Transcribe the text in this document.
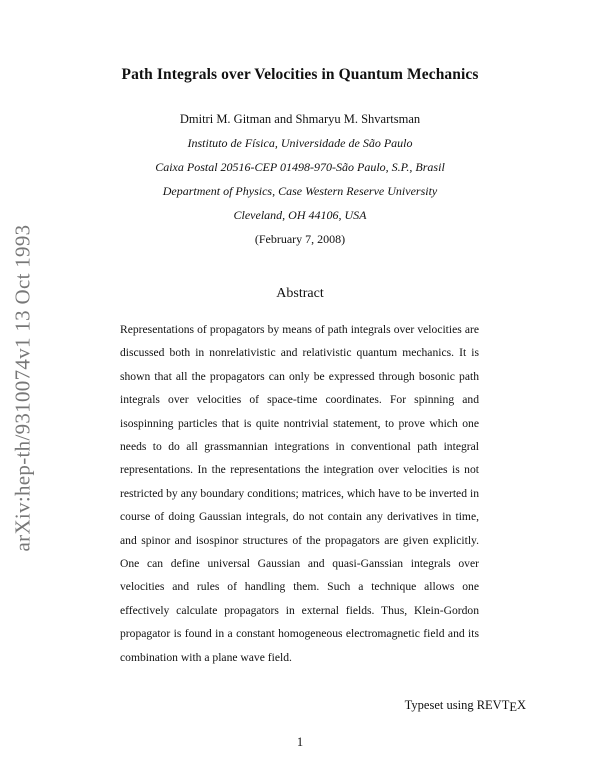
arXiv:hep-th/9310074v1 13 Oct 1993
Path Integrals over Velocities in Quantum Mechanics
Dmitri M. Gitman and Shmaryu M. Shvartsman
Instituto de Física, Universidade de São Paulo
Caixa Postal 20516-CEP 01498-970-São Paulo, S.P., Brasil
Department of Physics, Case Western Reserve University
Cleveland, OH 44106, USA
(February 7, 2008)
Abstract
Representations of propagators by means of path integrals over velocities are discussed both in nonrelativistic and relativistic quantum mechanics. It is shown that all the propagators can only be expressed through bosonic path integrals over velocities of space-time coordinates. For spinning and isospinning particles that is quite nontrivial statement, to prove which one needs to do all grassmannian integrations in conventional path integral representations. In the representations the integration over velocities is not restricted by any boundary conditions; matrices, which have to be inverted in course of doing Gaussian integrals, do not contain any derivatives in time, and spinor and isospinor structures of the propagators are given explicitly. One can define universal Gaussian and quasi-Ganssian integrals over velocities and rules of handling them. Such a technique allows one effectively calculate propagators in external fields. Thus, Klein-Gordon propagator is found in a constant homogeneous electromagnetic field and its combination with a plane wave field.
Typeset using REVTEX
1
